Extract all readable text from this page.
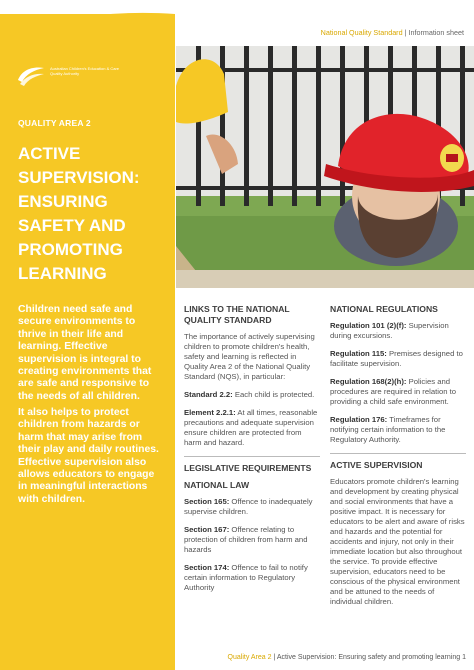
National Quality Standard | Information sheet
Australian Children's Education & Care Quality Authority
QUALITY AREA 2
ACTIVE SUPERVISION: ENSURING SAFETY AND PROMOTING LEARNING

Children need safe and secure environments to thrive in their life and learning. Effective supervision is integral to creating environments that are safe and responsive to the needs of all children.

It also helps to protect children from hazards or harm that may arise from their play and daily routines. Effective supervision also allows educators to engage in meaningful interactions with children.

LINKS TO THE NATIONAL QUALITY STANDARD

The importance of actively supervising children to promote children's health, safety and learning is reflected in Quality Area 2 of the National Quality Standard (NQS), in particular:

Standard 2.2: Each child is protected.

Element 2.2.1: At all times, reasonable precautions and adequate supervision ensure children are protected from harm and hazard.

LEGISLATIVE REQUIREMENTS
NATIONAL LAW

Section 165: Offence to inadequately supervise children.

Section 167: Offence relating to protection of children from harm and hazards

Section 174: Offence to fail to notify certain information to Regulatory Authority

NATIONAL REGULATIONS

Regulation 101 (2)(f): Supervision during excursions.

Regulation 115: Premises designed to facilitate supervision.

Regulation 168(2)(h): Policies and procedures are required in relation to providing a child safe environment.

Regulation 176: Timeframes for notifying certain information to the Regulatory Authority.

ACTIVE SUPERVISION

Educators promote children's learning and development by creating physical and social environments that have a positive impact. It is necessary for educators to be alert and aware of risks and hazards and the potential for accidents and injury, not only in their immediate location but also throughout the service. To provide effective supervision, educators need to be conscious of the physical environment and be attuned to the needs of individual children.

Quality Area 2 | Active Supervision: Ensuring safety and promoting learning 1
